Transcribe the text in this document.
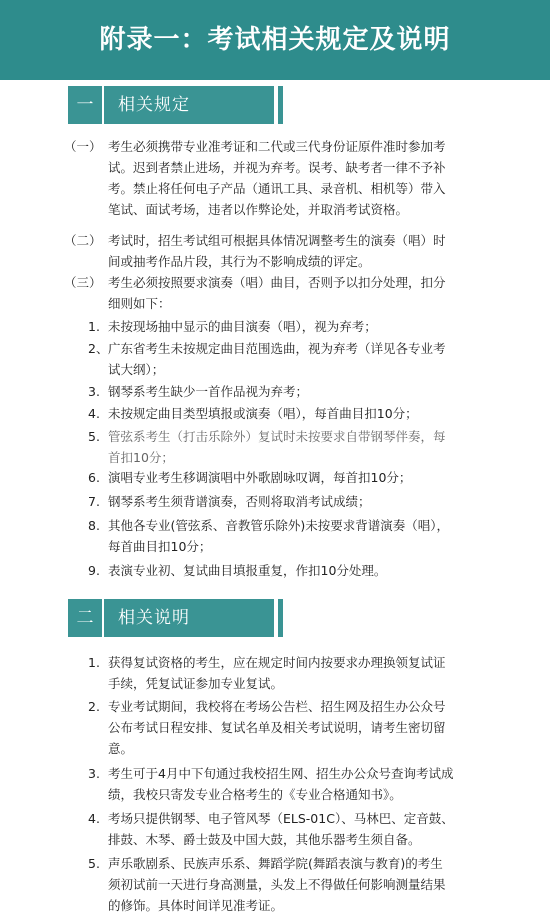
附录一：考试相关规定及说明
一	相关规定
（一） 考生必须携带专业准考证和二代或三代身份证原件准时参加考
试。迟到者禁止进场，并视为弃考。误考、缺考者一律不予补
考。禁止将任何电子产品（通讯工具、录音机、相机等）带入
笔试、面试考场，违者以作弊论处，并取消考试资格。
（二） 考试时，招生考试组可根据具体情况调整考生的演奏（唱）时
间或抽考作品片段，其行为不影响成绩的评定。
（三） 考生必须按照要求演奏（唱）曲目，否则予以扣分处理，扣分
细则如下：
1. 未按现场抽中显示的曲目演奏（唱），视为弃考；
2、 广东省考生未按规定曲目范围选曲，视为弃考（详见各专业考
试大纲）；
3. 钢琴系考生缺少一首作品视为弃考；
4. 未按规定曲目类型填报或演奏（唱），每首曲目扣10分；
5. 管弦系考生（打击乐除外）复试时未按要求自带钢琴伴奏，每
首扣10分；
6. 演唱专业考生移调演唱中外歌剧咏叹调，每首扣10分；
7. 钢琴系考生须背谱演奏，否则将取消考试成绩；
8. 其他各专业(管弦系、音教管乐除外)未按要求背谱演奏（唱），
每首曲目扣10分；
9. 表演专业初、复试曲目填报重复，作扣10分处理。
二	相关说明
1. 获得复试资格的考生，应在规定时间内按要求办理换领复试证
手续，凭复试证参加专业复试。
2. 专业考试期间，我校将在考场公告栏、招生网及招生办公众号
公布考试日程安排、复试名单及相关考试说明，请考生密切留
意。
3. 考生可于4月中下旬通过我校招生网、招生办公众号查询考试成
绩，我校只寄发专业合格考生的《专业合格通知书》。
4. 考场只提供钢琴、电子管风琴（ELS-01C）、马林巴、定音鼓、
排鼓、木琴、爵士鼓及中国大鼓，其他乐器考生须自备。
5. 声乐歌剧系、民族声乐系、舞蹈学院(舞蹈表演与教育)的考生
须初试前一天进行身高测量，头发上不得做任何影响测量结果
的修饰。具体时间详见准考证。
